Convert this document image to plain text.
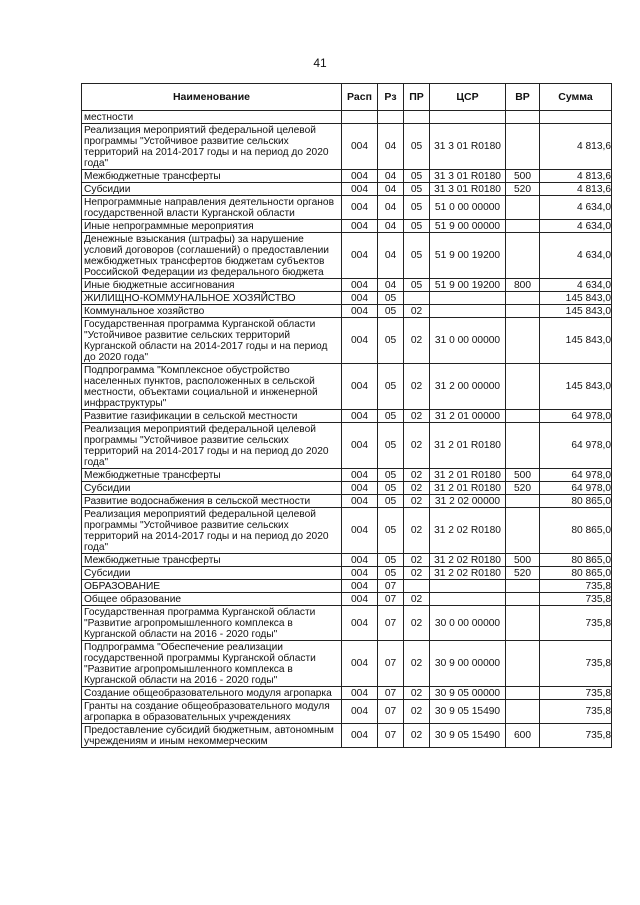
41
Наименование	Расп	Рз	ПР	ЦСР	ВР	Сумма
местности						
Реализация мероприятий федеральной целевой программы "Устойчивое развитие сельских территорий на 2014-2017 годы и на период до 2020 года"	004	04	05	31 3 01 R0180		4 813,6
Межбюджетные трансферты	004	04	05	31 3 01 R0180	500	4 813,6
Субсидии	004	04	05	31 3 01 R0180	520	4 813,6
Непрограммные направления деятельности органов государственной власти Курганской области	004	04	05	51 0 00 00000		4 634,0
Иные непрограммные мероприятия	004	04	05	51 9 00 00000		4 634,0
Денежные взыскания (штрафы) за нарушение условий договоров (соглашений) о предоставлении межбюджетных трансфертов бюджетам субъектов Российской Федерации из федерального бюджета	004	04	05	51 9 00 19200		4 634,0
Иные бюджетные ассигнования	004	04	05	51 9 00 19200	800	4 634,0
ЖИЛИЩНО-КОММУНАЛЬНОЕ ХОЗЯЙСТВО	004	05				145 843,0
Коммунальное хозяйство	004	05	02			145 843,0
Государственная программа Курганской области "Устойчивое развитие сельских территорий Курганской области на 2014-2017 годы и на период до 2020 года"	004	05	02	31 0 00 00000		145 843,0
Подпрограмма "Комплексное обустройство населенных пунктов, расположенных в сельской местности, объектами социальной и инженерной инфраструктуры"	004	05	02	31 2 00 00000		145 843,0
Развитие газификации в сельской местности	004	05	02	31 2 01 00000		64 978,0
Реализация мероприятий федеральной целевой программы "Устойчивое развитие сельских территорий на 2014-2017 годы и на период до 2020 года"	004	05	02	31 2 01 R0180		64 978,0
Межбюджетные трансферты	004	05	02	31 2 01 R0180	500	64 978,0
Субсидии	004	05	02	31 2 01 R0180	520	64 978,0
Развитие водоснабжения в сельской местности	004	05	02	31 2 02 00000		80 865,0
Реализация мероприятий федеральной целевой программы "Устойчивое развитие сельских территорий на 2014-2017 годы и на период до 2020 года"	004	05	02	31 2 02 R0180		80 865,0
Межбюджетные трансферты	004	05	02	31 2 02 R0180	500	80 865,0
Субсидии	004	05	02	31 2 02 R0180	520	80 865,0
ОБРАЗОВАНИЕ	004	07				735,8
Общее образование	004	07	02			735,8
Государственная программа Курганской области "Развитие агропромышленного комплекса в Курганской области на 2016 - 2020 годы"	004	07	02	30 0 00 00000		735,8
Подпрограмма "Обеспечение реализации государственной программы Курганской области "Развитие агропромышленного комплекса в Курганской области на 2016 - 2020 годы"	004	07	02	30 9 00 00000		735,8
Создание общеобразовательного модуля агропарка	004	07	02	30 9 05 00000		735,8
Гранты на создание общеобразовательного модуля агропарка в образовательных учреждениях	004	07	02	30 9 05 15490		735,8
Предоставление субсидий бюджетным, автономным учреждениям и иным некоммерческим	004	07	02	30 9 05 15490	600	735,8
